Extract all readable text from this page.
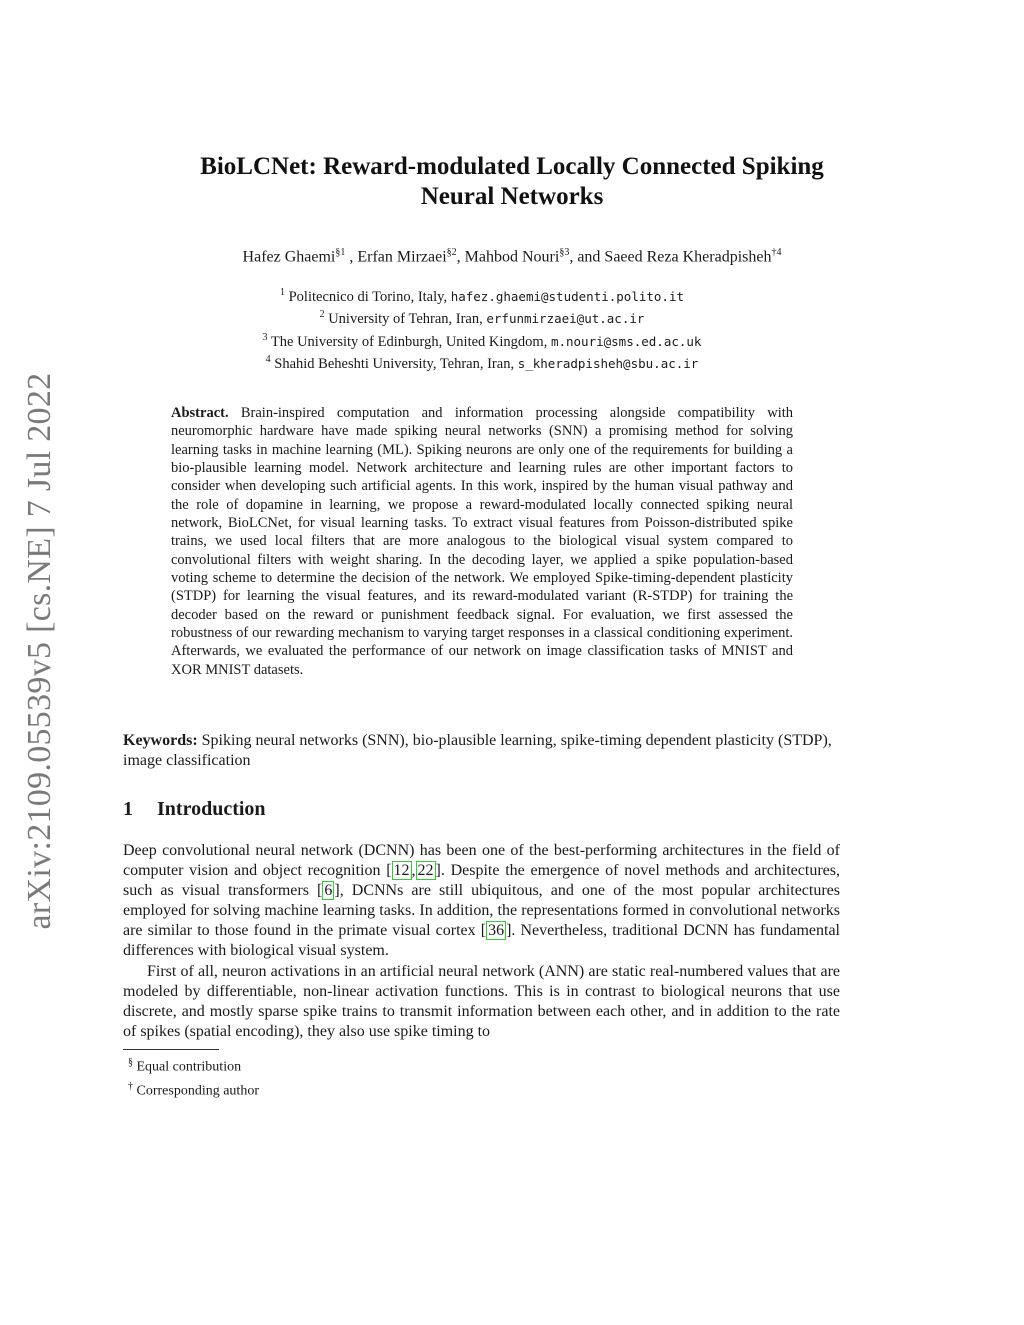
arXiv:2109.05539v5 [cs.NE] 7 Jul 2022
BioLCNet: Reward-modulated Locally Connected Spiking
Neural Networks
Hafez Ghaemi$^{\S 1}$ , Erfan Mirzaei$^{\S 2}$, Mahbod Nouri$^{\S 3}$, and Saeed Reza Kheradpisheh$^{\dagger 4}$
$^1$ Politecnico di Torino, Italy, hafez.ghaemi@studenti.polito.it
$^2$ University of Tehran, Iran, erfunmirzaei@ut.ac.ir
$^3$ The University of Edinburgh, United Kingdom, m.nouri@sms.ed.ac.uk
$^4$ Shahid Beheshti University, Tehran, Iran, s_kheradpisheh@sbu.ac.ir
Abstract. Brain-inspired computation and information processing alongside compatibility with neuromorphic hardware have made spiking neural networks (SNN) a promising method for solving learning tasks in machine learning (ML). Spiking neurons are only one of the requirements for building a bio-plausible learning model. Network architecture and learning rules are other important factors to consider when developing such artificial agents. In this work, inspired by the human visual pathway and the role of dopamine in learning, we propose a reward-modulated locally connected spiking neural network, BioLCNet, for visual learning tasks. To extract visual features from Poisson-distributed spike trains, we used local filters that are more analogous to the biological visual system compared to convolutional filters with weight sharing. In the decoding layer, we applied a spike population-based voting scheme to determine the decision of the network. We employed Spike-timing-dependent plasticity (STDP) for learning the visual features, and its reward-modulated variant (R-STDP) for training the decoder based on the reward or punishment feedback signal. For evaluation, we first assessed the robustness of our rewarding mechanism to varying target responses in a classical conditioning experiment. Afterwards, we evaluated the performance of our network on image classification tasks of MNIST and XOR MNIST datasets.
Keywords: Spiking neural networks (SNN), bio-plausible learning, spike-timing dependent plasticity (STDP), image classification
1 Introduction

Deep convolutional neural network (DCNN) has been one of the best-performing architectures in the field of computer vision and object recognition [ 12 , 22 ]. Despite the emergence of novel methods and architectures, such as visual transformers [ 6 ], DCNNs are still ubiquitous, and one of the most popular architectures employed for solving machine learning tasks. In addition, the representations formed in convolutional networks are similar to those found in the primate visual cortex [ 36 ]. Nevertheless, traditional DCNN has fundamental differences with biological visual system.

First of all, neuron activations in an artificial neural network (ANN) are static real-numbered values that are modeled by differentiable, non-linear activation functions. This is in contrast to biological neurons that use discrete, and mostly sparse spike trains to transmit information between each other, and in addition to the rate of spikes (spatial encoding), they also use spike timing to

§ Equal contribution
† Corresponding author
